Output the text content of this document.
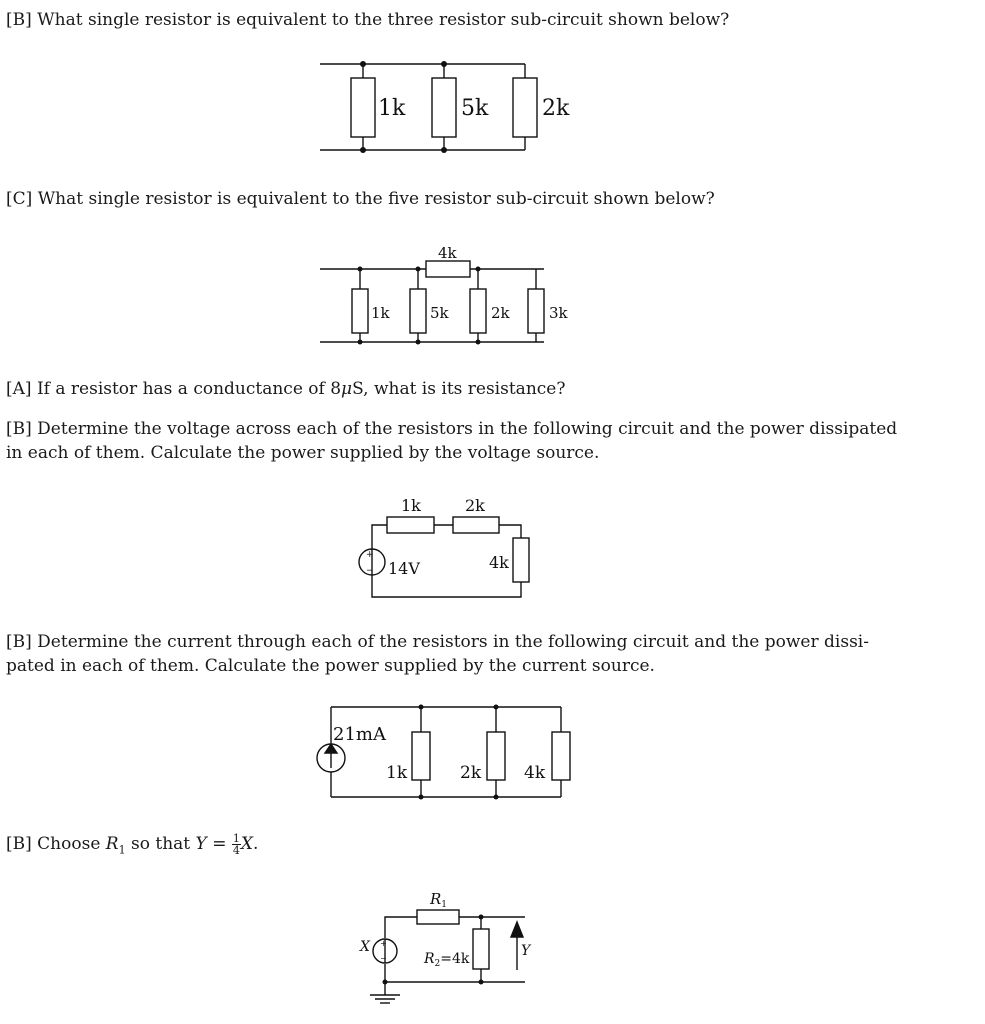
[B] What single resistor is equivalent to the three resistor sub-circuit shown below?

1k	5k 2k
4k
1k	5k	2k	3k
+
−
1k	2k
4k
14V
21mA
1k	2k	4k
+
−
$R_1$
$R_2=4k$
X	Y

[C] What single resistor is equivalent to the five resistor sub-circuit shown below?

[A] If a resistor has a conductance of 8μS, what is its resistance?

[B] Determine the voltage across each of the resistors in the following circuit and the power dissipated
in each of them. Calculate the power supplied by the voltage source.

[B] Determine the current through each of the resistors in the following circuit and the power dissi-
pated in each of them. Calculate the power supplied by the current source.

[B] Choose $R_1$ so that $Y = \frac{1}{4} X$.
